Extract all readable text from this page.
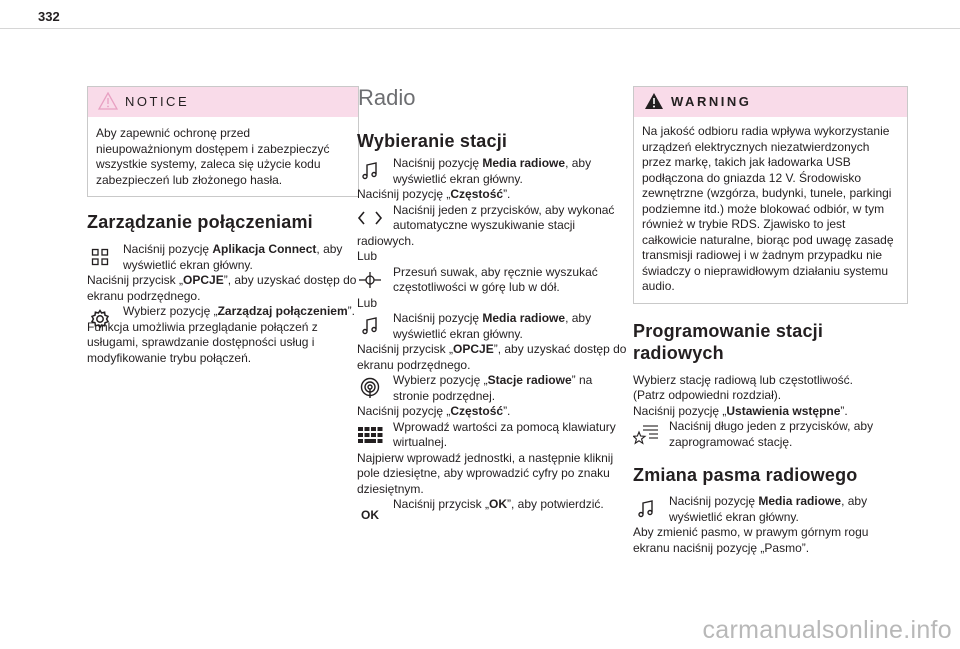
332
NOTICE

Aby zapewnić ochronę przed

nieupoważnionym dostępem i zabezpieczyć

wszystkie systemy, zaleca się użycie kodu

zabezpieczeń lub złożonego hasła.

Zarządzanie połączeniami

Naciśnij pozycję Aplikacja Connect, aby wyświetlić ekran główny.

Naciśnij przycisk „OPCJE”, aby uzyskać dostęp do ekranu podrzędnego.

Wybierz pozycję „Zarządzaj połączeniem”.

Funkcja umożliwia przeglądanie połączeń z usługami, sprawdzanie dostępności usług i modyfikowanie trybu połączeń.

Radio
Wybieranie stacji

Naciśnij pozycję Media radiowe, aby wyświetlić ekran główny.

Naciśnij pozycję „Częstość”.

Naciśnij jeden z przycisków, aby wykonać automatyczne wyszukiwanie stacji

radiowych.

Lub

Przesuń suwak, aby ręcznie wyszukać częstotliwości w górę lub w dół.

Lub

Naciśnij pozycję Media radiowe, aby wyświetlić ekran główny.

Naciśnij przycisk „OPCJE”, aby uzyskać dostęp do ekranu podrzędnego.

Wybierz pozycję „Stacje radiowe” na stronie podrzędnej.

Naciśnij pozycję „Częstość”.

Wprowadź wartości za pomocą klawiatury wirtualnej.

Najpierw wprowadź jednostki, a następnie kliknij pole dziesiętne, aby wprowadzić cyfry po znaku dziesiętnym.

OK

Naciśnij przycisk „OK”, aby potwierdzić.

WARNING

Na jakość odbioru radia wpływa wykorzystanie urządzeń elektrycznych niezatwierdzonych przez markę, takich jak ładowarka USB podłączona do gniazda 12 V. Środowisko zewnętrzne (wzgórza, budynki, tunele, parkingi podziemne itd.) może blokować odbiór, w tym również w trybie RDS. Zjawisko to jest całkowicie naturalne, biorąc pod uwagę zasadę transmisji radiowej i w żadnym przypadku nie świadczy o nieprawidłowym działaniu systemu audio.

Programowanie stacji radiowych

Wybierz stację radiową lub częstotliwość.

(Patrz odpowiedni rozdział).

Naciśnij pozycję „Ustawienia wstępne”.

Naciśnij długo jeden z przycisków, aby zaprogramować stację.

Zmiana pasma radiowego

Naciśnij pozycję Media radiowe, aby wyświetlić ekran główny.

Aby zmienić pasmo, w prawym górnym rogu ekranu naciśnij pozycję „Pasmo”.

carmanualsonline.info
